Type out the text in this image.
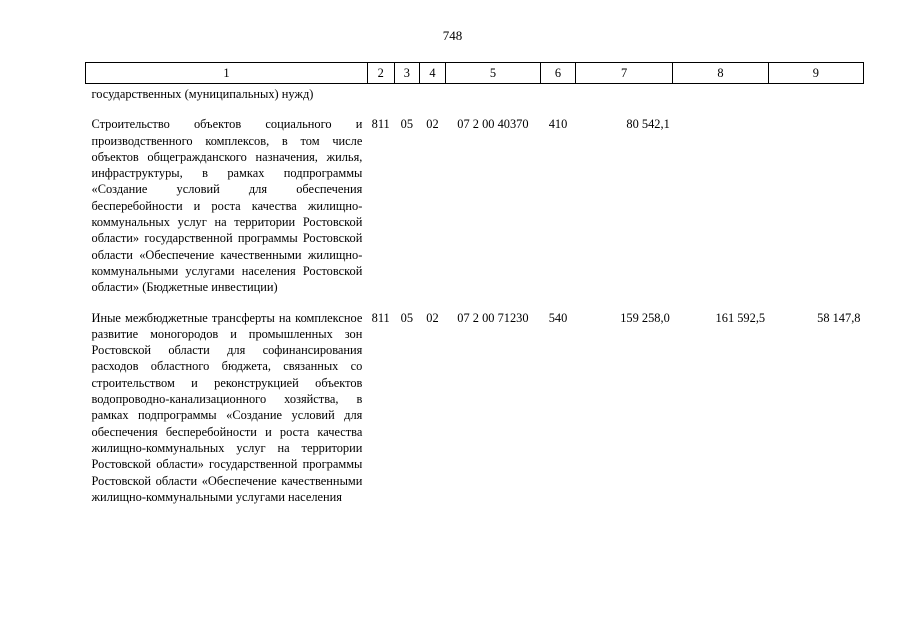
748
1	2	3	4	5	6	7	8	9
государственных (муниципальных) нужд)								
Строительство объектов социального и производственного комплексов, в том числе объектов общегражданского назначения, жилья, инфраструктуры, в рамках подпрограммы «Создание условий для обеспечения бесперебойности и роста качества жилищно-коммунальных услуг на территории Ростовской области» государственной программы Ростовской области «Обеспечение качественными жилищно-коммунальными услугами населения Ростовской области» (Бюджетные инвестиции)	811	05	02	07 2 00 40370	410	80 542,1		
Иные межбюджетные трансферты на комплексное развитие моногородов и промышленных зон Ростовской области для софинансирования расходов областного бюджета, связанных со строительством и реконструкцией объектов водопроводно-канализационного хозяйства, в рамках подпрограммы «Создание условий для обеспечения бесперебойности и роста качества жилищно-коммунальных услуг на территории Ростовской области» государственной программы Ростовской области «Обеспечение качественными жилищно-коммунальными услугами населения	811	05	02	07 2 00 71230	540	159 258,0	161 592,5	58 147,8
